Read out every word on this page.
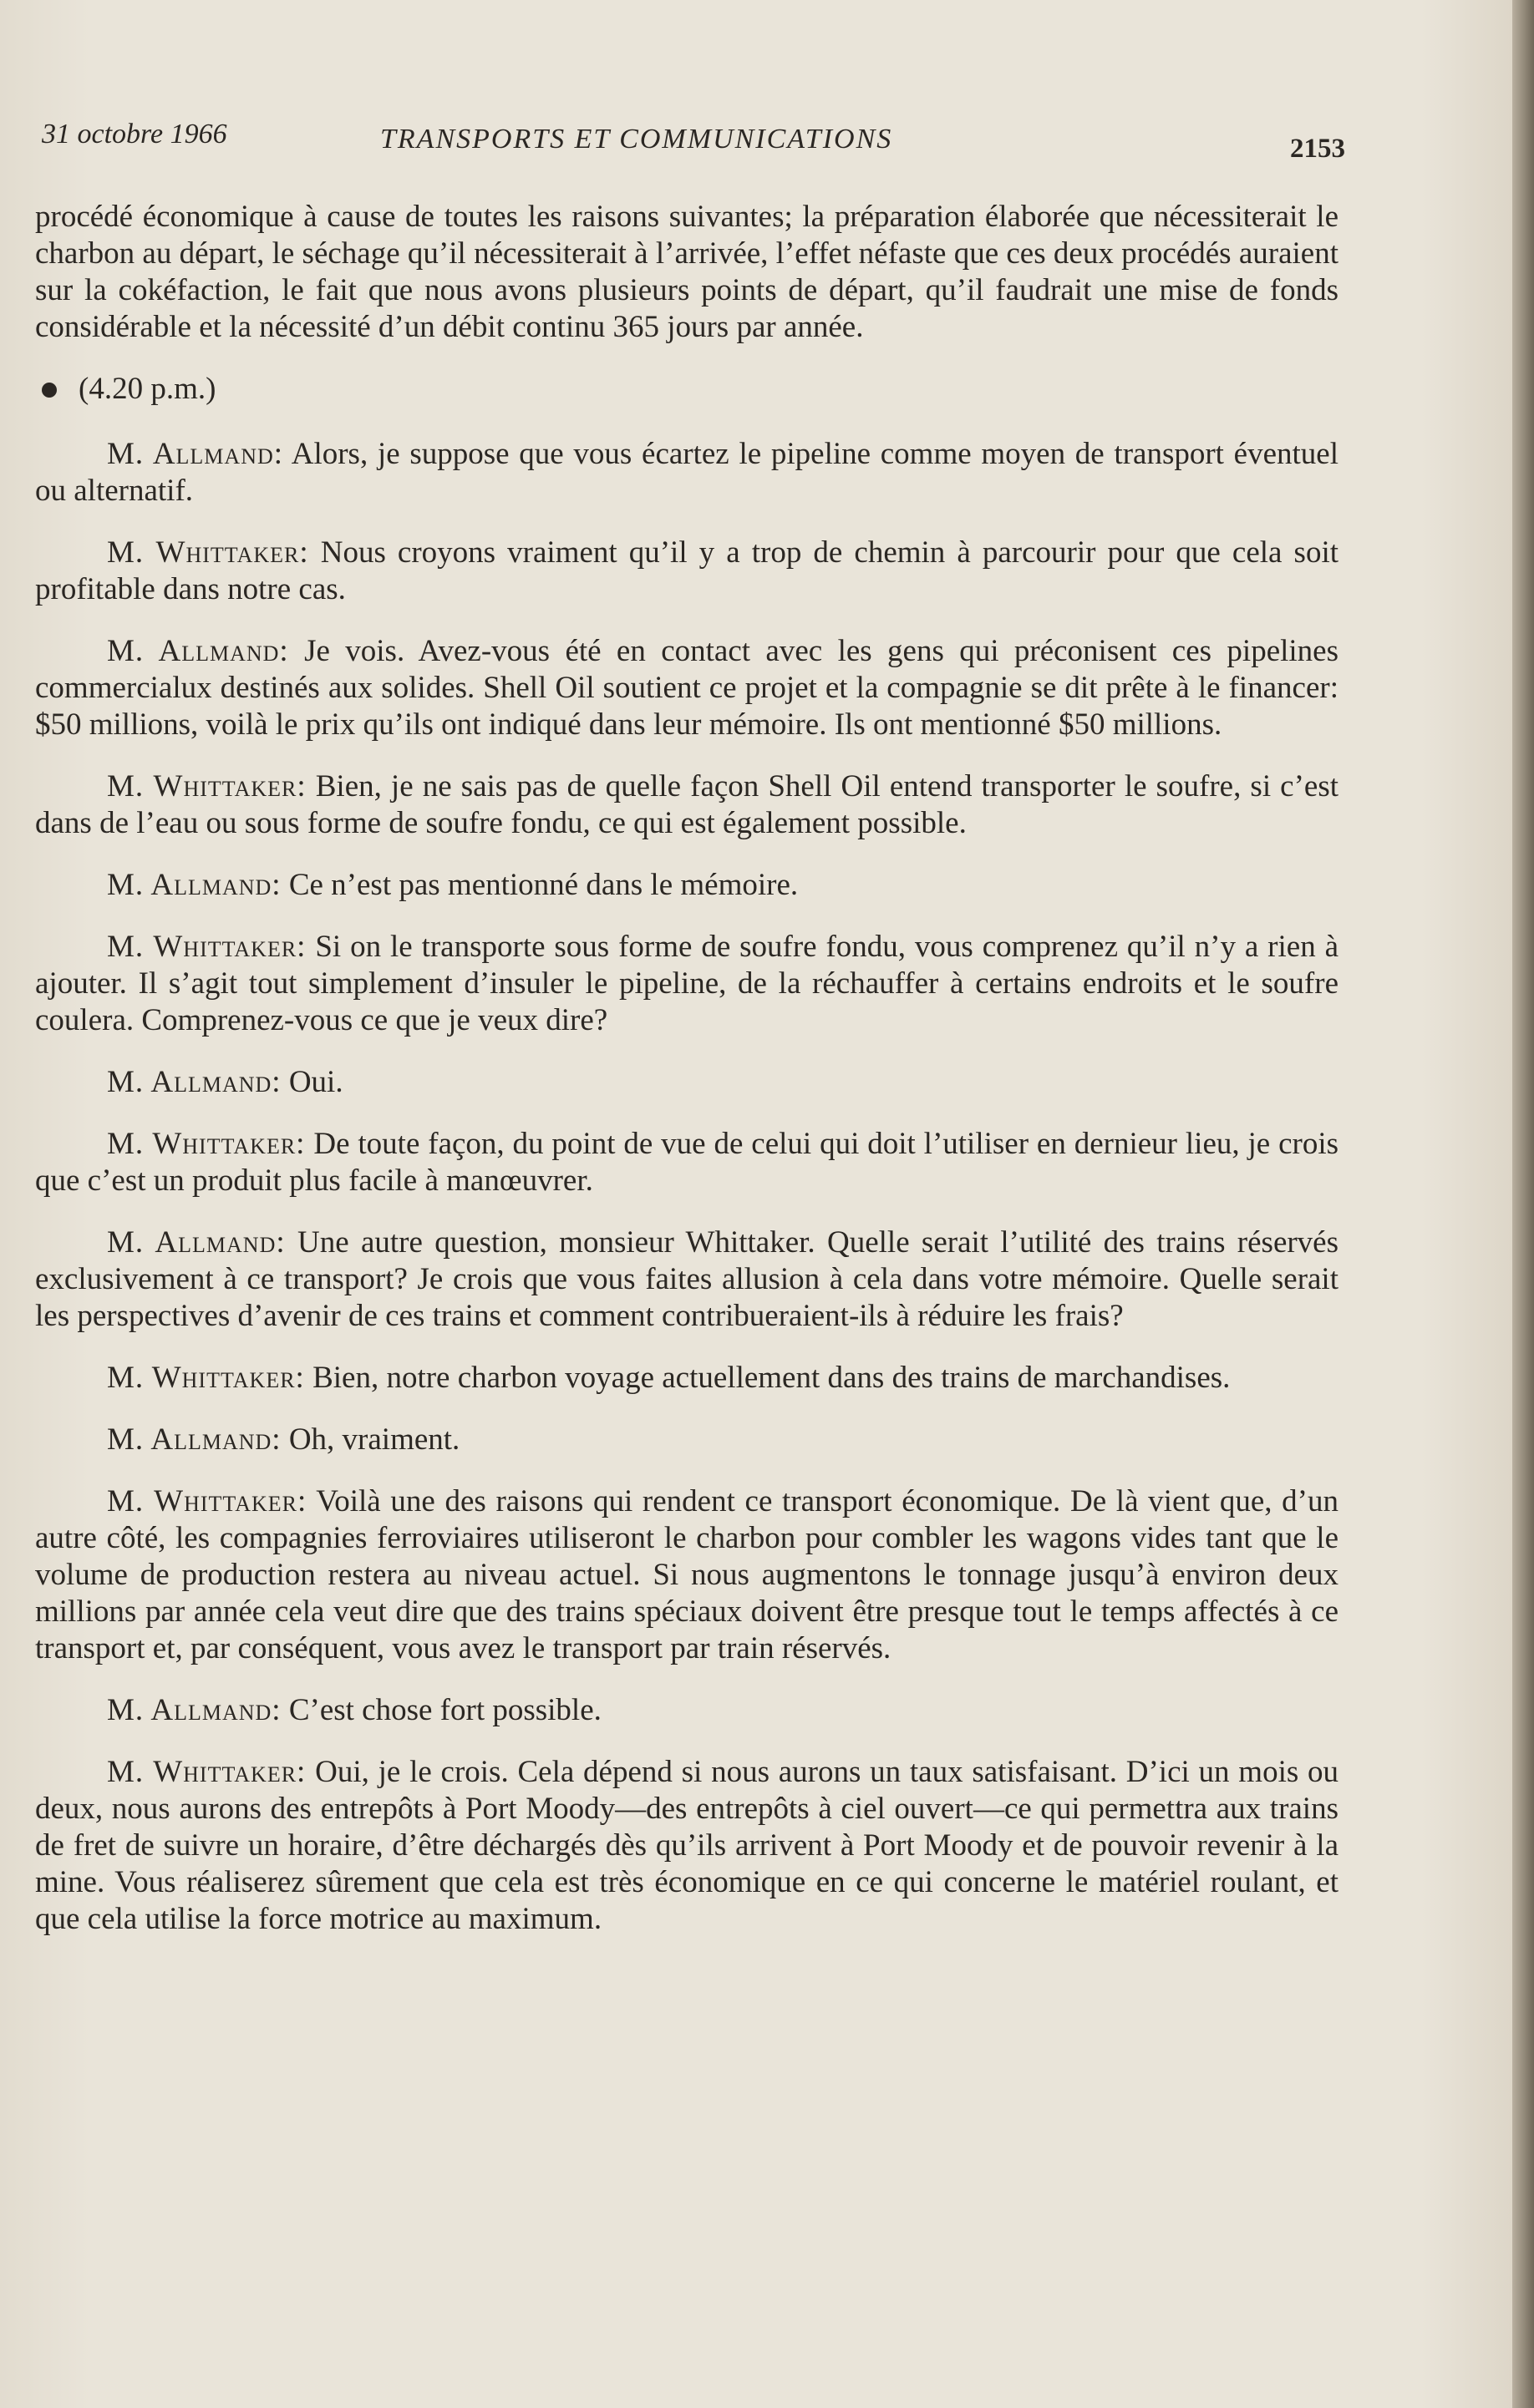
31 octobre 1966	TRANSPORTS ET COMMUNICATIONS	2153

procédé économique à cause de toutes les raisons suivantes; la préparation élaborée que nécessiterait le charbon au départ, le séchage qu’il nécessiterait à l’arrivée, l’effet néfaste que ces deux procédés auraient sur la cokéfaction, le fait que nous avons plusieurs points de départ, qu’il faudrait une mise de fonds considérable et la nécessité d’un débit continu 365 jours par année.

(4.20 p.m.)

M. Allmand: Alors, je suppose que vous écartez le pipeline comme moyen de transport éventuel ou alternatif.

M. Whittaker: Nous croyons vraiment qu’il y a trop de chemin à parcourir pour que cela soit profitable dans notre cas.

M. Allmand: Je vois. Avez-vous été en contact avec les gens qui préconisent ces pipelines commercialux destinés aux solides. Shell Oil soutient ce projet et la compagnie se dit prête à le financer: $50 millions, voilà le prix qu’ils ont indiqué dans leur mémoire. Ils ont mentionné $50 millions.

M. Whittaker: Bien, je ne sais pas de quelle façon Shell Oil entend transporter le soufre, si c’est dans de l’eau ou sous forme de soufre fondu, ce qui est également possible.

M. Allmand: Ce n’est pas mentionné dans le mémoire.

M. Whittaker: Si on le transporte sous forme de soufre fondu, vous comprenez qu’il n’y a rien à ajouter. Il s’agit tout simplement d’insuler le pipeline, de la réchauffer à certains endroits et le soufre coulera. Comprenez-vous ce que je veux dire?

M. Allmand: Oui.

M. Whittaker: De toute façon, du point de vue de celui qui doit l’utiliser en dernieur lieu, je crois que c’est un produit plus facile à manœuvrer.

M. Allmand: Une autre question, monsieur Whittaker. Quelle serait l’utilité des trains réservés exclusivement à ce transport? Je crois que vous faites allusion à cela dans votre mémoire. Quelle serait les perspectives d’avenir de ces trains et comment contribueraient-ils à réduire les frais?

M. Whittaker: Bien, notre charbon voyage actuellement dans des trains de marchandises.

M. Allmand: Oh, vraiment.

M. Whittaker: Voilà une des raisons qui rendent ce transport économique. De là vient que, d’un autre côté, les compagnies ferroviaires utiliseront le charbon pour combler les wagons vides tant que le volume de production restera au niveau actuel. Si nous augmentons le tonnage jusqu’à environ deux millions par année cela veut dire que des trains spéciaux doivent être presque tout le temps affectés à ce transport et, par conséquent, vous avez le transport par train réservés.

M. Allmand: C’est chose fort possible.

M. Whittaker: Oui, je le crois. Cela dépend si nous aurons un taux satisfaisant. D’ici un mois ou deux, nous aurons des entrepôts à Port Moody—des entrepôts à ciel ouvert—ce qui permettra aux trains de fret de suivre un horaire, d’être déchargés dès qu’ils arrivent à Port Moody et de pouvoir revenir à la mine. Vous réaliserez sûrement que cela est très économique en ce qui concerne le matériel roulant, et que cela utilise la force motrice au maximum.
